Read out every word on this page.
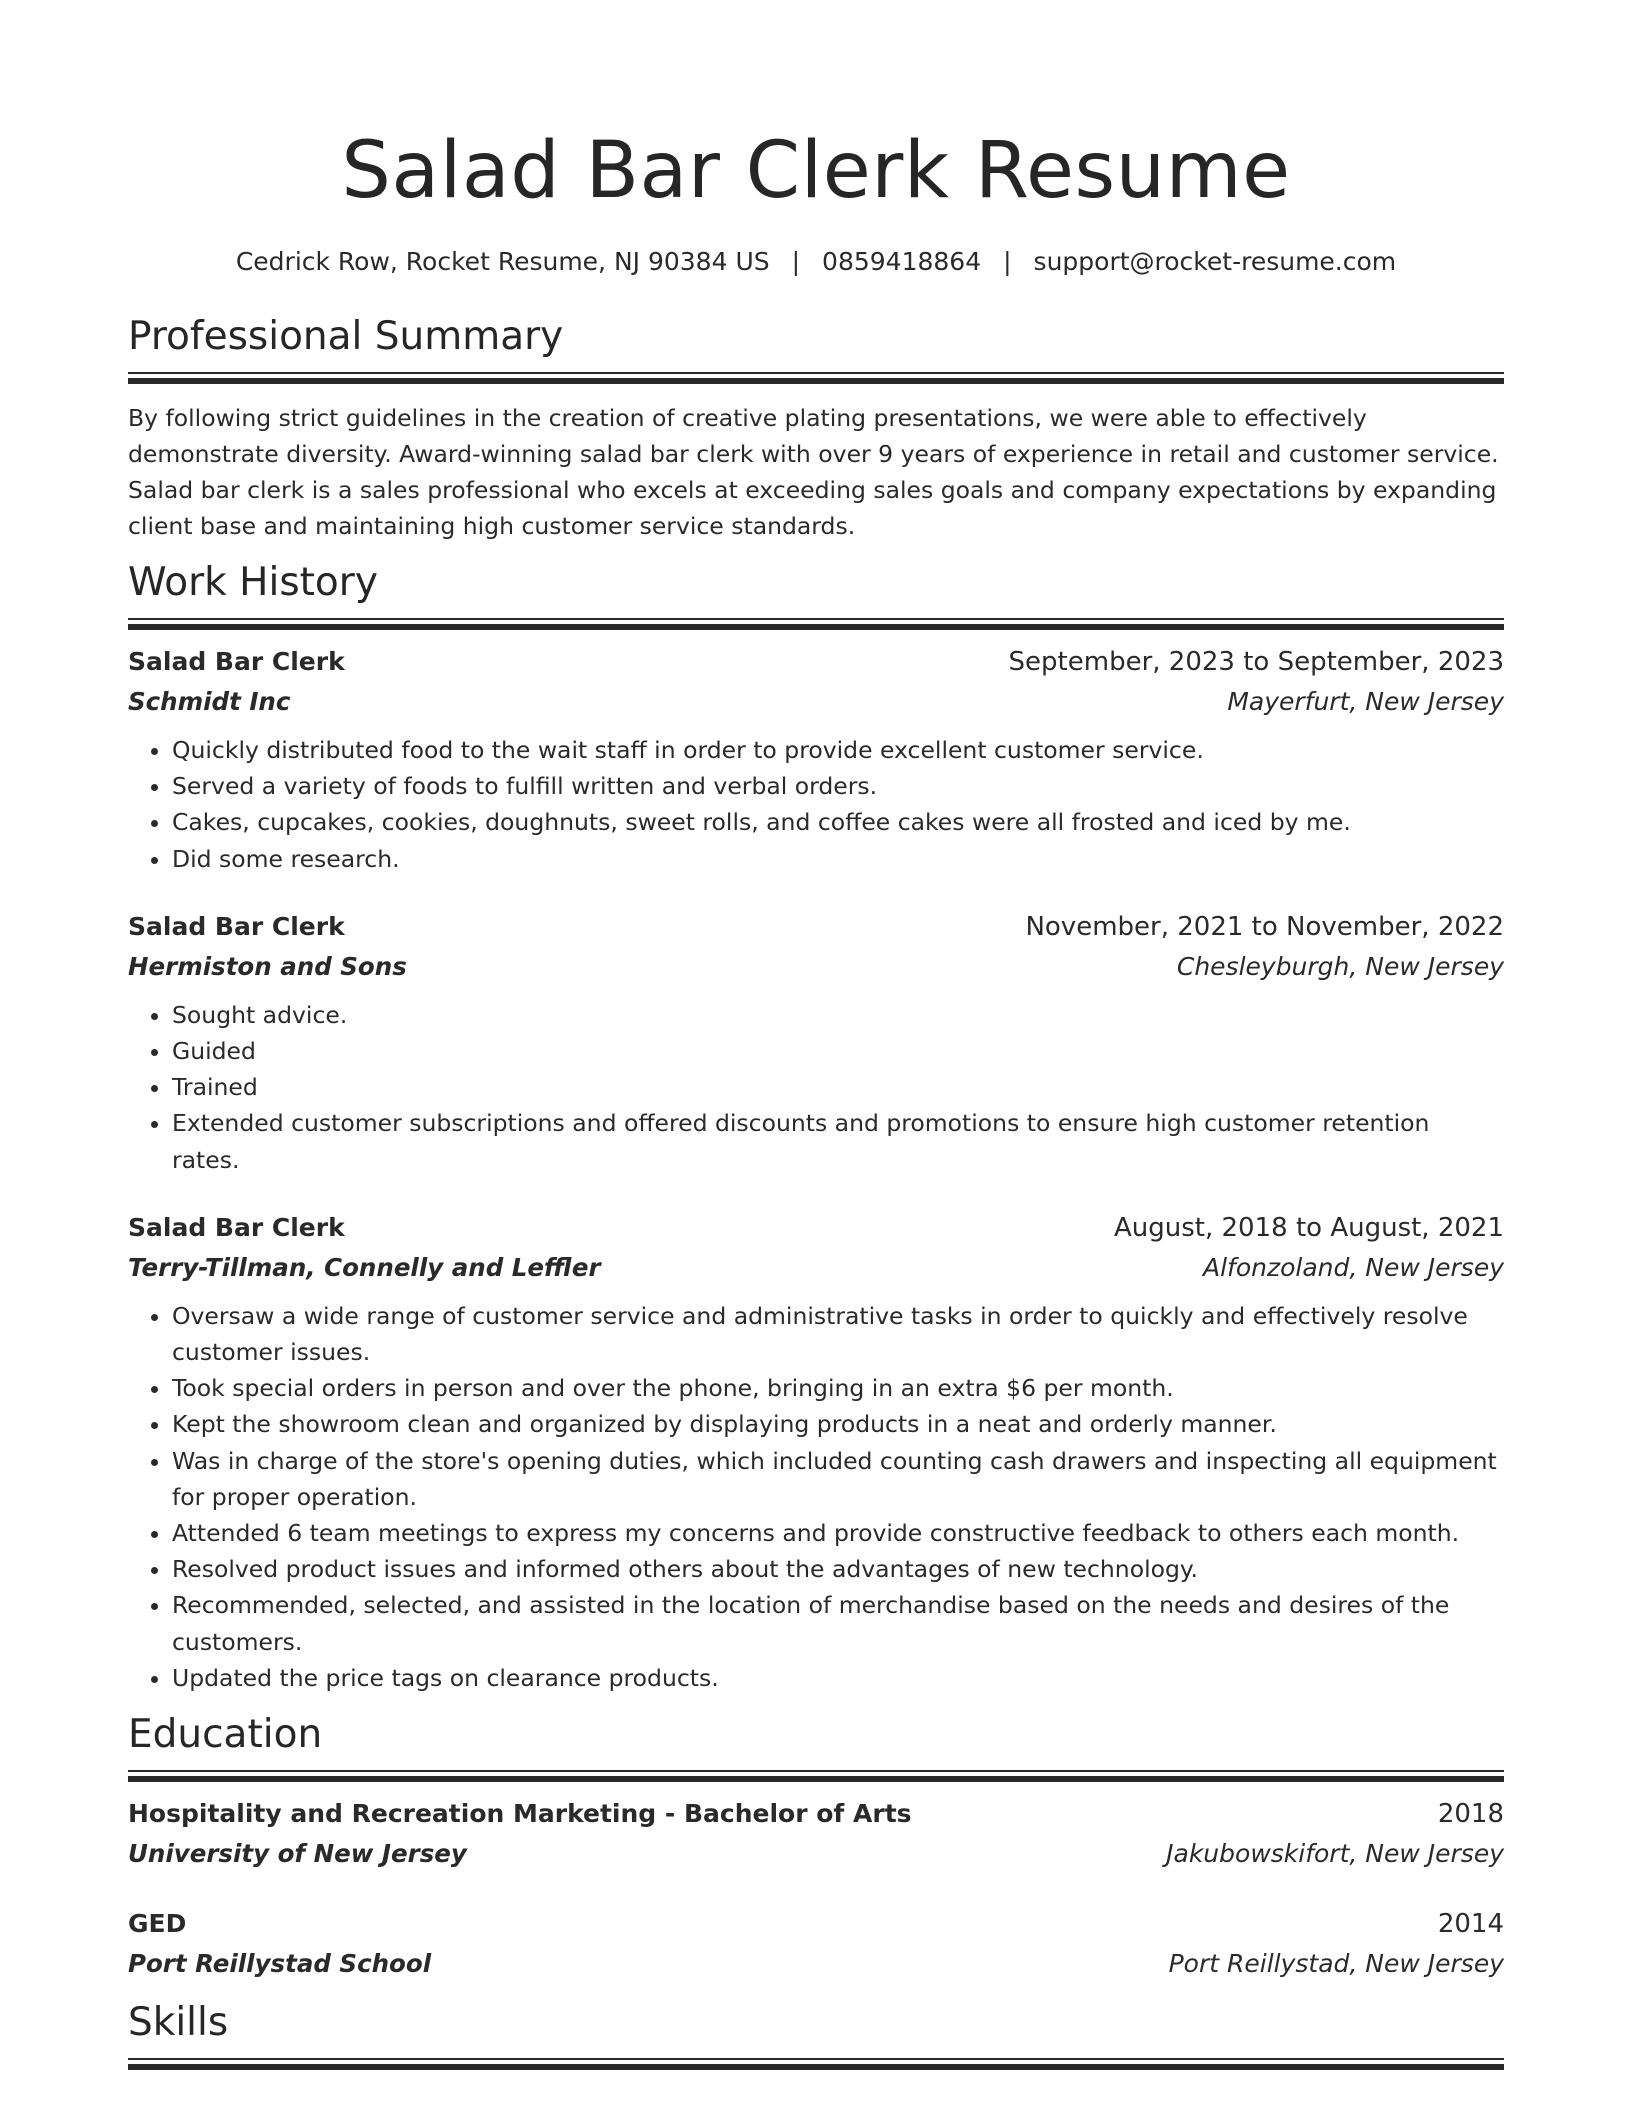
Salad Bar Clerk Resume
Cedrick Row, Rocket Resume, NJ 90384 US | 0859418864 | support@rocket-resume.com
Professional Summary

By following strict guidelines in the creation of creative plating presentations, we were able to effectively demonstrate diversity. Award-winning salad bar clerk with over 9 years of experience in retail and customer service. Salad bar clerk is a sales professional who excels at exceeding sales goals and company expectations by expanding client base and maintaining high customer service standards.

Work History
Salad Bar Clerk	September, 2023 to September, 2023
Schmidt Inc	Mayerfurt, New Jersey
• Quickly distributed food to the wait staff in order to provide excellent customer service.
• Served a variety of foods to fulfill written and verbal orders.
• Cakes, cupcakes, cookies, doughnuts, sweet rolls, and coffee cakes were all frosted and iced by me.
• Did some research.
Salad Bar Clerk	November, 2021 to November, 2022
Hermiston and Sons	Chesleyburgh, New Jersey
• Sought advice.
• Guided
• Trained
• Extended customer subscriptions and offered discounts and promotions to ensure high customer retention rates.
Salad Bar Clerk	August, 2018 to August, 2021
Terry-Tillman, Connelly and Leffler	Alfonzoland, New Jersey
• Oversaw a wide range of customer service and administrative tasks in order to quickly and effectively resolve customer issues.
• Took special orders in person and over the phone, bringing in an extra $6 per month.
• Kept the showroom clean and organized by displaying products in a neat and orderly manner.
• Was in charge of the store's opening duties, which included counting cash drawers and inspecting all equipment for proper operation.
• Attended 6 team meetings to express my concerns and provide constructive feedback to others each month.
• Resolved product issues and informed others about the advantages of new technology.
• Recommended, selected, and assisted in the location of merchandise based on the needs and desires of the customers.
• Updated the price tags on clearance products.
Education
Hospitality and Recreation Marketing - Bachelor of Arts	2018
University of New Jersey	Jakubowskifort, New Jersey
GED	2014
Port Reillystad School	Port Reillystad, New Jersey
Skills
